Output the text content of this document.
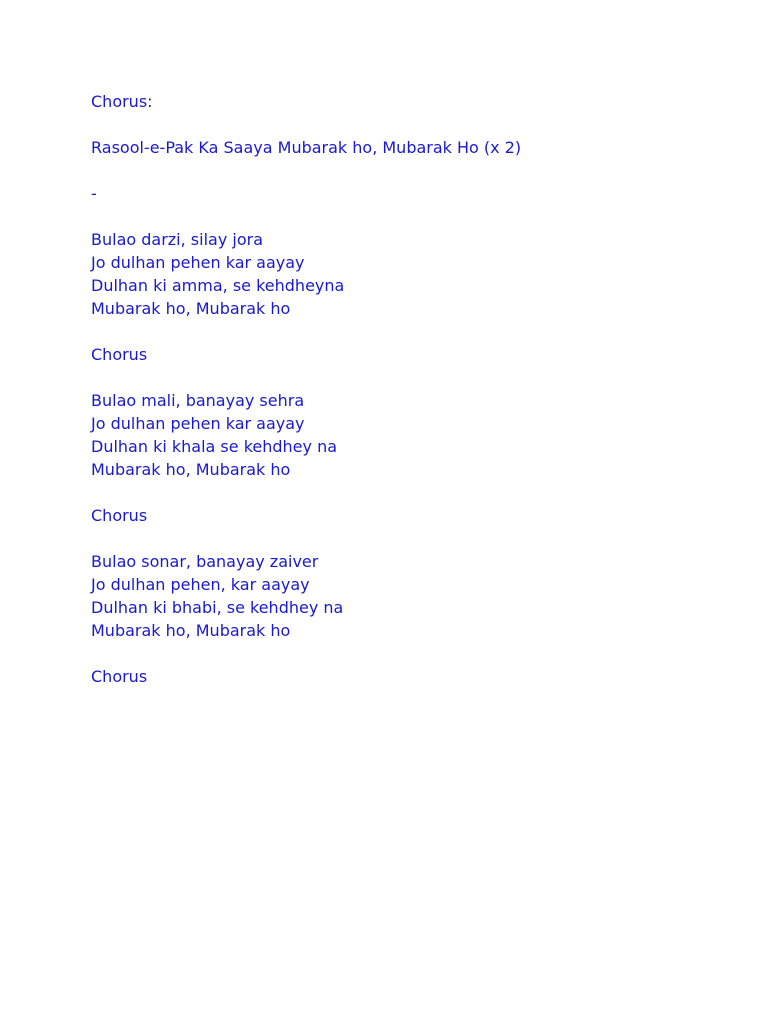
Chorus:
Rasool-e-Pak Ka Saaya Mubarak ho, Mubarak Ho (x 2)
-
Bulao darzi, silay jora
Jo dulhan pehen kar aayay
Dulhan ki amma, se kehdheyna
Mubarak ho, Mubarak ho
Chorus
Bulao mali, banayay sehra
Jo dulhan pehen kar aayay
Dulhan ki khala se kehdhey na
Mubarak ho, Mubarak ho
Chorus
Bulao sonar, banayay zaiver
Jo dulhan pehen, kar aayay
Dulhan ki bhabi, se kehdhey na
Mubarak ho, Mubarak ho
Chorus
